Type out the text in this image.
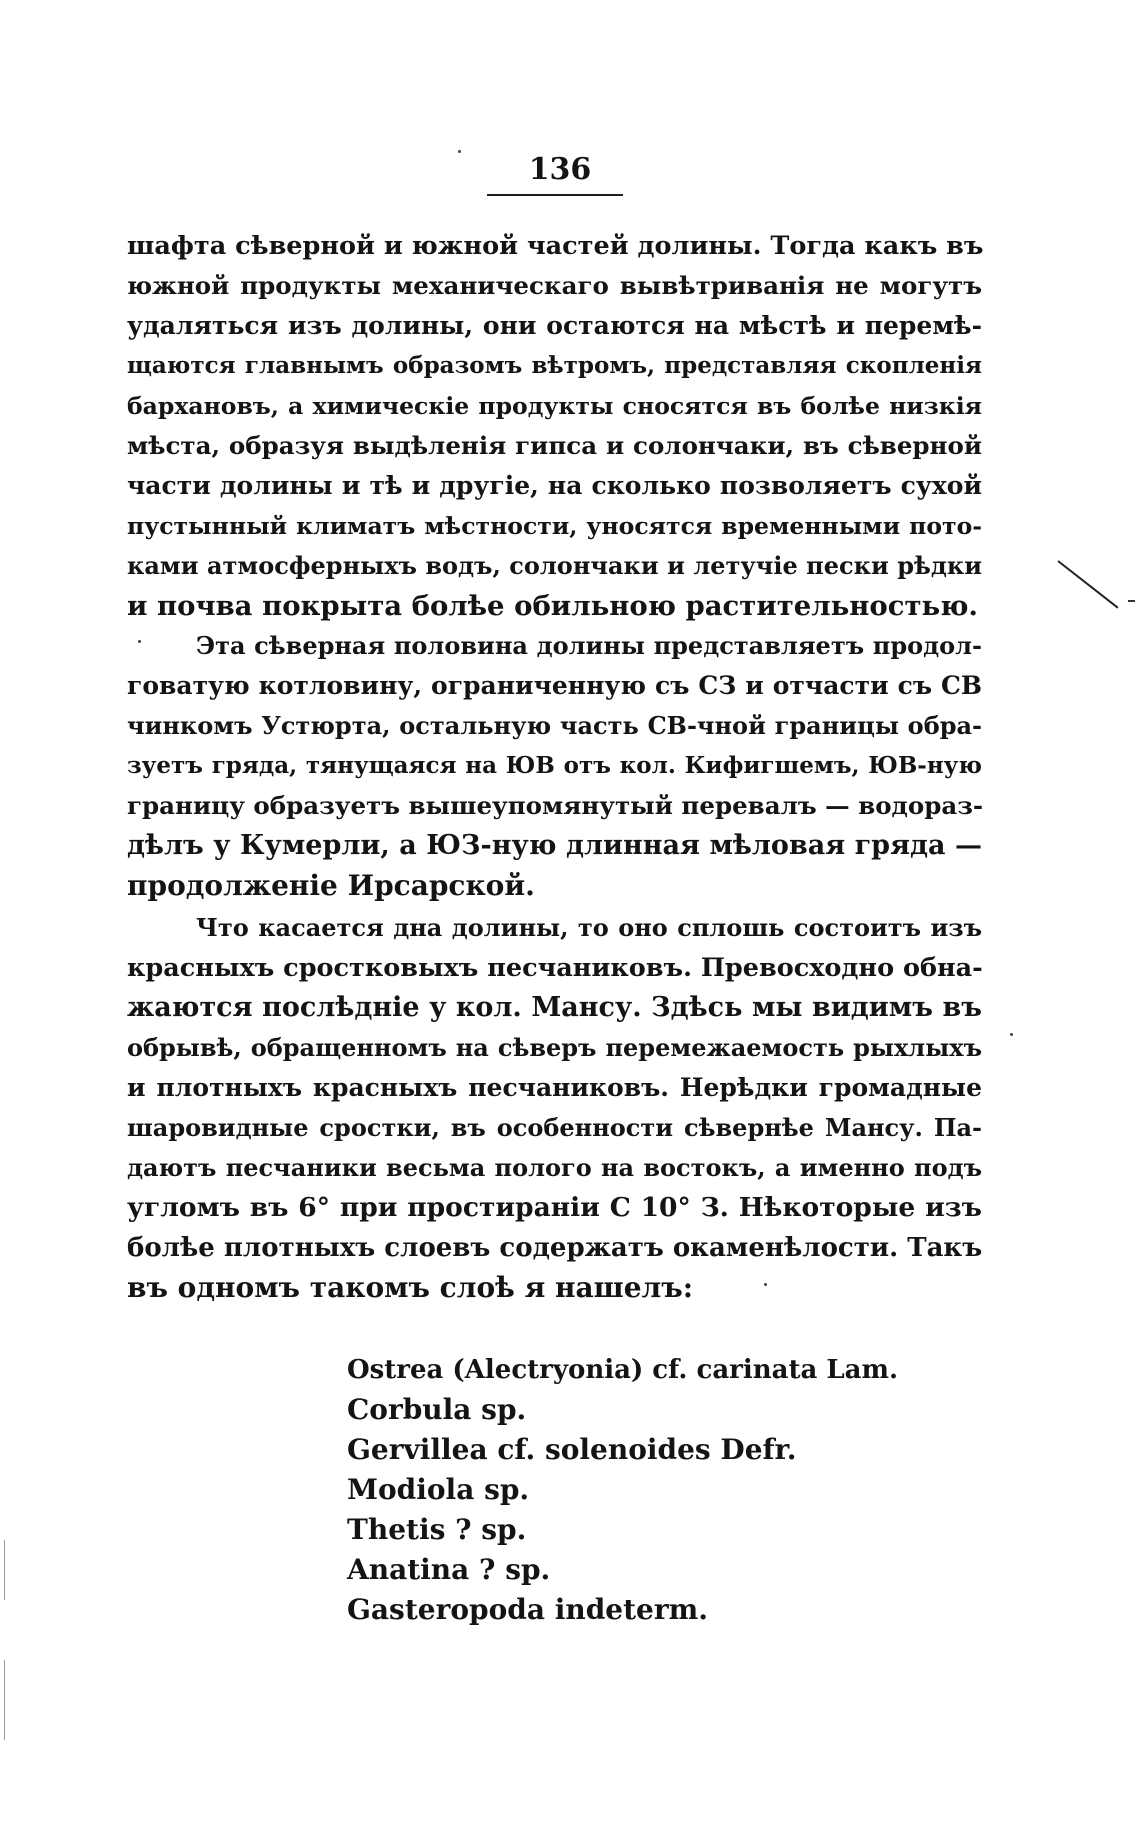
136
шафта сѣверной и южной частей долины. Тогда какъ въ
южной продукты механическаго вывѣтриванія не могутъ
удаляться изъ долины, они остаются на мѣстѣ и перемѣ-
щаются главнымъ образомъ вѣтромъ, представляя скопленія
бархановъ, а химическіе продукты сносятся въ болѣе низкія
мѣста, образуя выдѣленія гипса и солончаки, въ сѣверной
части долины и тѣ и другіе, на сколько позволяетъ сухой
пустынный климатъ мѣстности, уносятся временными пото-
ками атмосферныхъ водъ, солончаки и летучіе пески рѣдки
и почва покрыта болѣе обильною растительностью.
Эта сѣверная половина долины представляетъ продол-
говатую котловину, ограниченную съ СЗ и отчасти съ СВ
чинкомъ Устюрта, остальную часть СВ-чной границы обра-
зуетъ гряда, тянущаяся на ЮВ отъ кол. Кифигшемъ, ЮВ-ную
границу образуетъ вышеупомянутый перевалъ — водораз-
дѣлъ у Кумерли, а ЮЗ-ную длинная мѣловая гряда —
продолженіе Ирсарской.
Что касается дна долины, то оно сплошь состоитъ изъ
красныхъ сростковыхъ песчаниковъ. Превосходно обна-
жаются послѣдніе у кол. Мансу. Здѣсь мы видимъ въ
обрывѣ, обращенномъ на сѣверъ перемежаемость рыхлыхъ
и плотныхъ красныхъ песчаниковъ. Нерѣдки громадные
шаровидные сростки, въ особенности сѣвернѣе Мансу. Па-
даютъ песчаники весьма полого на востокъ, а именно подъ
угломъ въ 6° при простираніи С 10° З. Нѣкоторые изъ
болѣе плотныхъ слоевъ содержатъ окаменѣлости. Такъ
въ одномъ такомъ слоѣ я нашелъ:
Ostrea (Alectryonia) cf. carinata Lam.
Corbula sp.
Gervillea cf. solenoides Defr.
Modiola sp.
Thetis ? sp.
Anatina ? sp.
Gasteropoda indeterm.
